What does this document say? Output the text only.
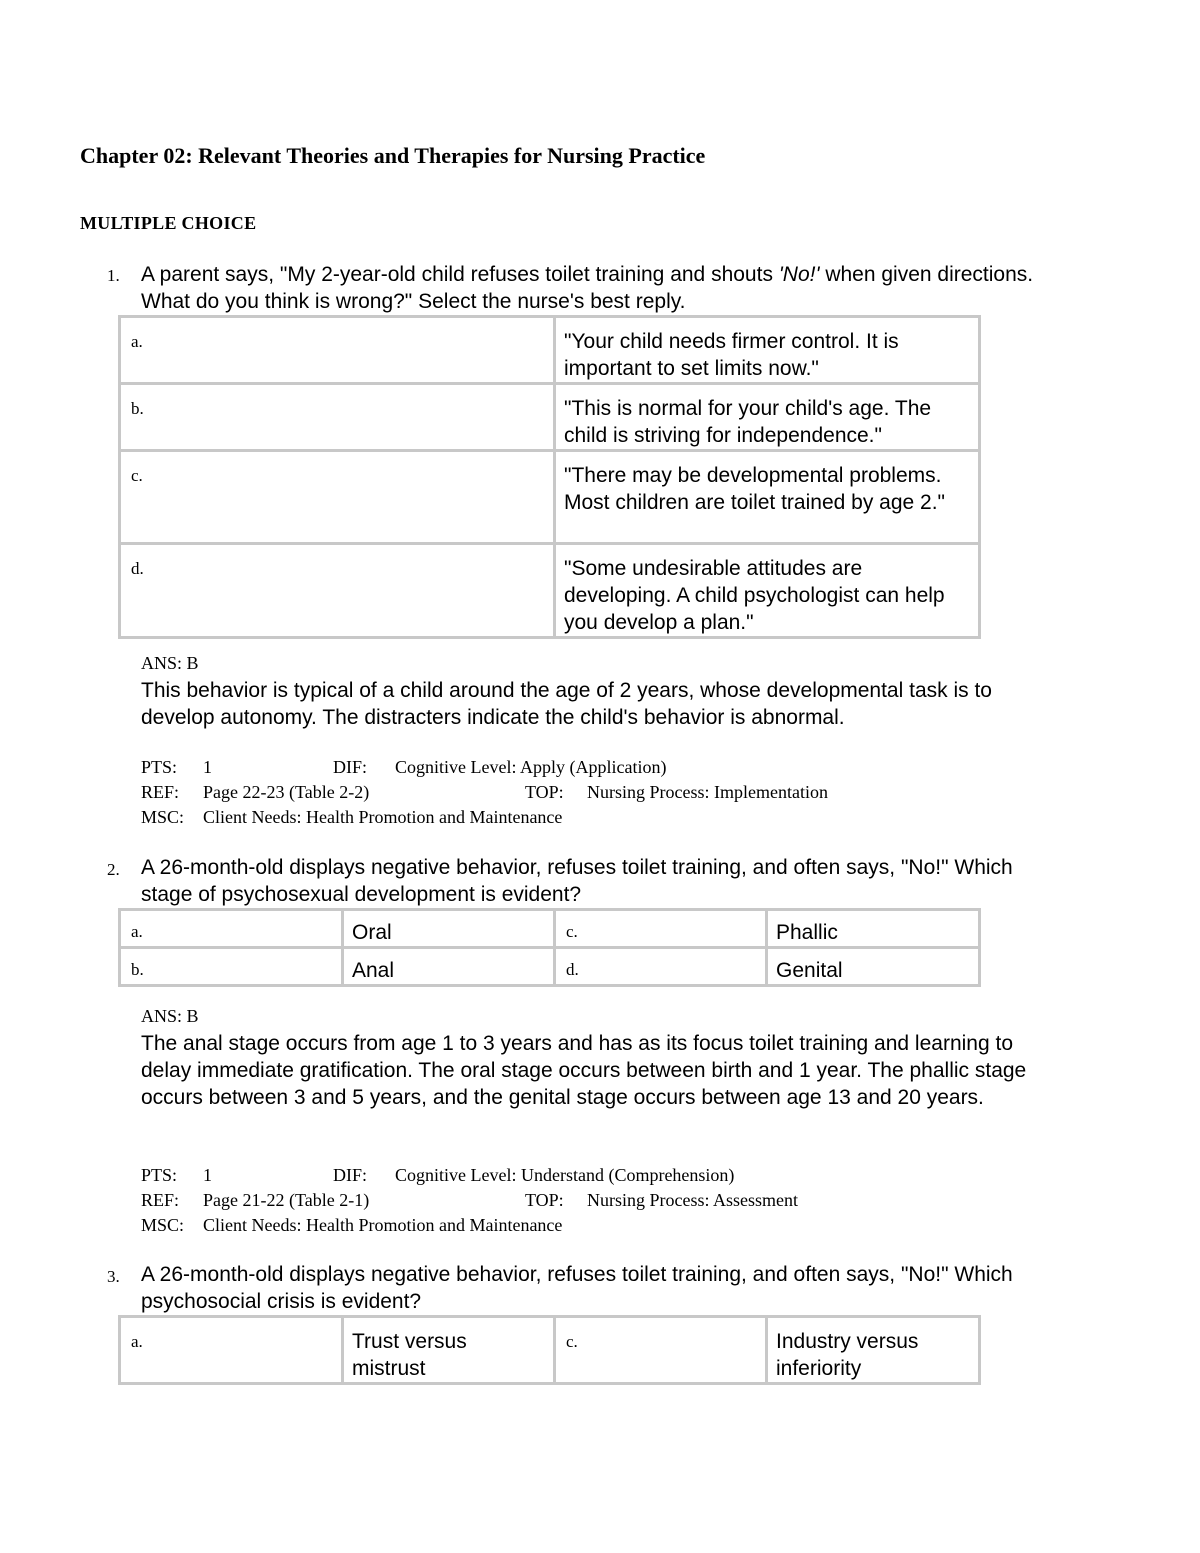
Chapter 02: Relevant Theories and Therapies for Nursing Practice
MULTIPLE CHOICE
1. A parent says, "My 2-year-old child refuses toilet training and shouts 'No!' when given directions. What do you think is wrong?" Select the nurse's best reply.
a.	"Your child needs firmer control. It is important to set limits now."
b.	"This is normal for your child's age. The child is striving for independence."
c.	"There may be developmental problems. Most children are toilet trained by age 2."
d.	"Some undesirable attitudes are developing. A child psychologist can help you develop a plan."
ANS: B
This behavior is typical of a child around the age of 2 years, whose developmental task is to develop autonomy. The distracters indicate the child's behavior is abnormal.
PTS: 1	DIF: Cognitive Level: Apply (Application)
REF: Page 22-23 (Table 2-2)	TOP: Nursing Process: Implementation
MSC: Client Needs: Health Promotion and Maintenance
2. A 26-month-old displays negative behavior, refuses toilet training, and often says, "No!" Which stage of psychosexual development is evident?
a.	Oral	c.	Phallic
b.	Anal	d.	Genital
ANS: B
The anal stage occurs from age 1 to 3 years and has as its focus toilet training and learning to delay immediate gratification. The oral stage occurs between birth and 1 year. The phallic stage occurs between 3 and 5 years, and the genital stage occurs between age 13 and 20 years.
PTS: 1	DIF: Cognitive Level: Understand (Comprehension)
REF: Page 21-22 (Table 2-1)	TOP: Nursing Process: Assessment
MSC: Client Needs: Health Promotion and Maintenance
3. A 26-month-old displays negative behavior, refuses toilet training, and often says, "No!" Which psychosocial crisis is evident?
a.	Trust versus mistrust	c.	Industry versus inferiority
